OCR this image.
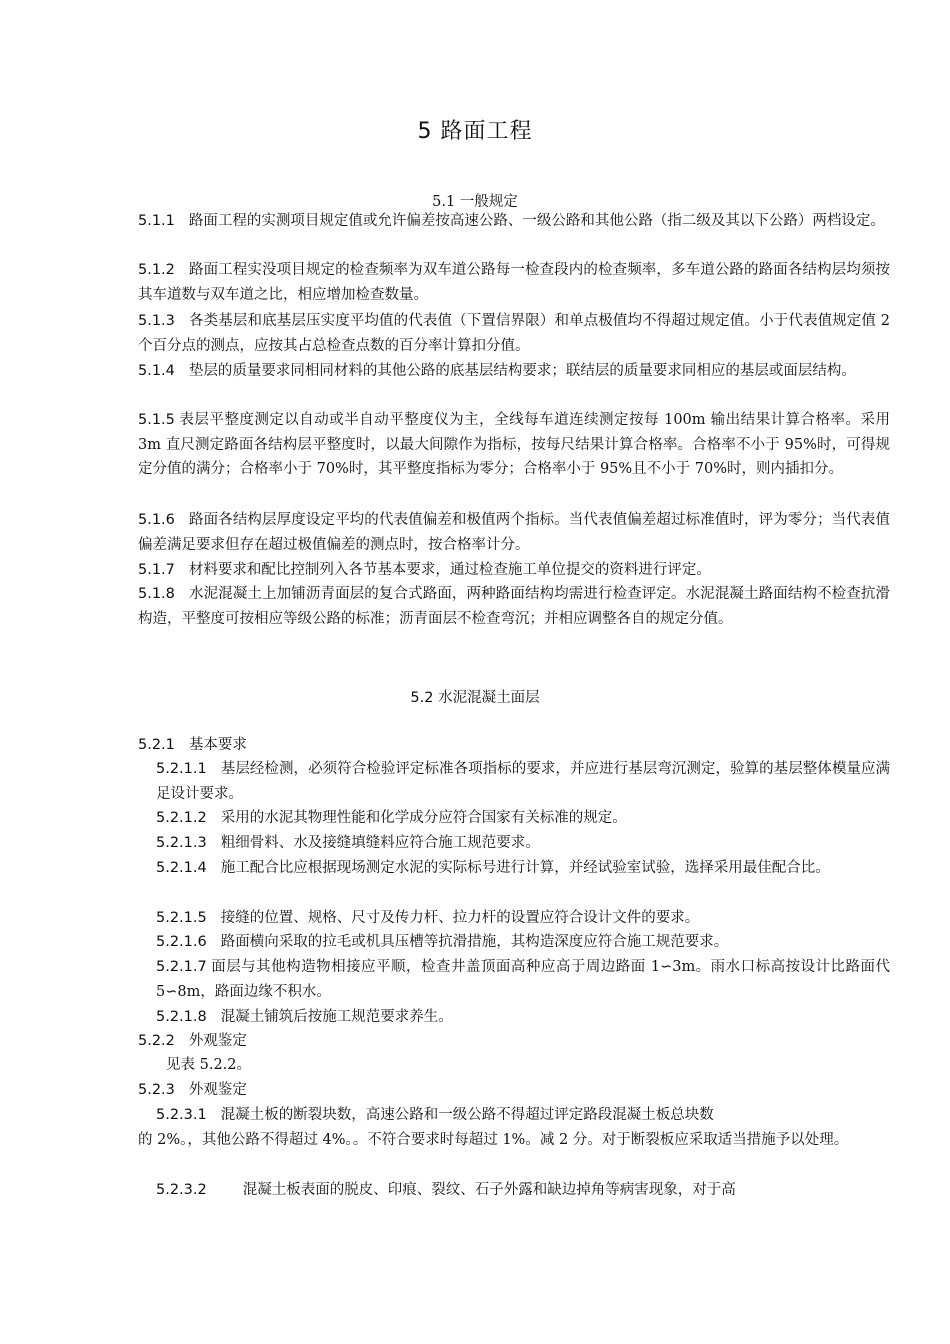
5 路面工程
5.1 一般规定

5.1.1 路面工程的实测项目规定值或允许偏差按高速公路、一级公路和其他公路（指二级及其以下公路）两档设定。

5.1.2 路面工程实没项目规定的检查频率为双车道公路每一检查段内的检查频率，多车道公路的路面各结构层均须按其车道数与双车道之比，相应增加检查数量。

5.1.3 各类基层和底基层压实度平均值的代表值（下置信界限）和单点极值均不得超过规定值。小于代表值规定值 2 个百分点的测点，应按其占总检查点数的百分率计算扣分值。

5.1.4 垫层的质量要求同相同材料的其他公路的底基层结构要求；联结层的质量要求同相应的基层或面层结构。

5.1.5 表层平整度测定以自动或半自动平整度仪为主，全线每车道连续测定按每 100m 输出结果计算合格率。采用 3m 直尺测定路面各结构层平整度时，以最大间隙作为指标，按每尺结果计算合格率。合格率不小于 95%时，可得规定分值的满分；合格率小于 70%时，其平整度指标为零分；合格率小于 95%且不小于 70%时，则内插扣分。

5.1.6 路面各结构层厚度设定平均的代表值偏差和极值两个指标。当代表值偏差超过标准值时，评为零分；当代表值偏差满足要求但存在超过极值偏差的测点时，按合格率计分。

5.1.7 材料要求和配比控制列入各节基本要求，通过检查施工单位提交的资料进行评定。

5.1.8 水泥混凝土上加铺沥青面层的复合式路面，两种路面结构均需进行检查评定。水泥混凝土路面结构不检查抗滑构造，平整度可按相应等级公路的标准；沥青面层不检查弯沉；并相应调整各自的规定分值。

5.2 水泥混凝土面层

5.2.1 基本要求

5.2.1.1 基层经检测，必须符合检验评定标准各项指标的要求，并应进行基层弯沉测定，验算的基层整体模量应满足设计要求。

5.2.1.2 采用的水泥其物理性能和化学成分应符合国家有关标准的规定。

5.2.1.3 粗细骨料、水及接缝填缝料应符合施工规范要求。

5.2.1.4 施工配合比应根据现场测定水泥的实际标号进行计算，并经试验室试验，选择采用最佳配合比。

5.2.1.5 接缝的位置、规格、尺寸及传力杆、拉力杆的设置应符合设计文件的要求。

5.2.1.6 路面横向采取的拉毛或机具压槽等抗滑措施，其构造深度应符合施工规范要求。

5.2.1.7 面层与其他构造物相接应平顺，检查井盖顶面高种应高于周边路面 1∽3m。雨水口标高按设计比路面代 5∽8m，路面边缘不积水。

5.2.1.8 混凝土铺筑后按施工规范要求养生。

5.2.2 外观鉴定

见表 5.2.2。

5.2.3 外观鉴定

5.2.3.1 混凝土板的断裂块数，高速公路和一级公路不得超过评定路段混凝土板总块数

的 2%。，其他公路不得超过 4%。。不符合要求时每超过 1%。减 2 分。对于断裂板应采取适当措施予以处理。

5.2.3.2 混凝土板表面的脱皮、印痕、裂纹、石子外露和缺边掉角等病害现象，对于高
